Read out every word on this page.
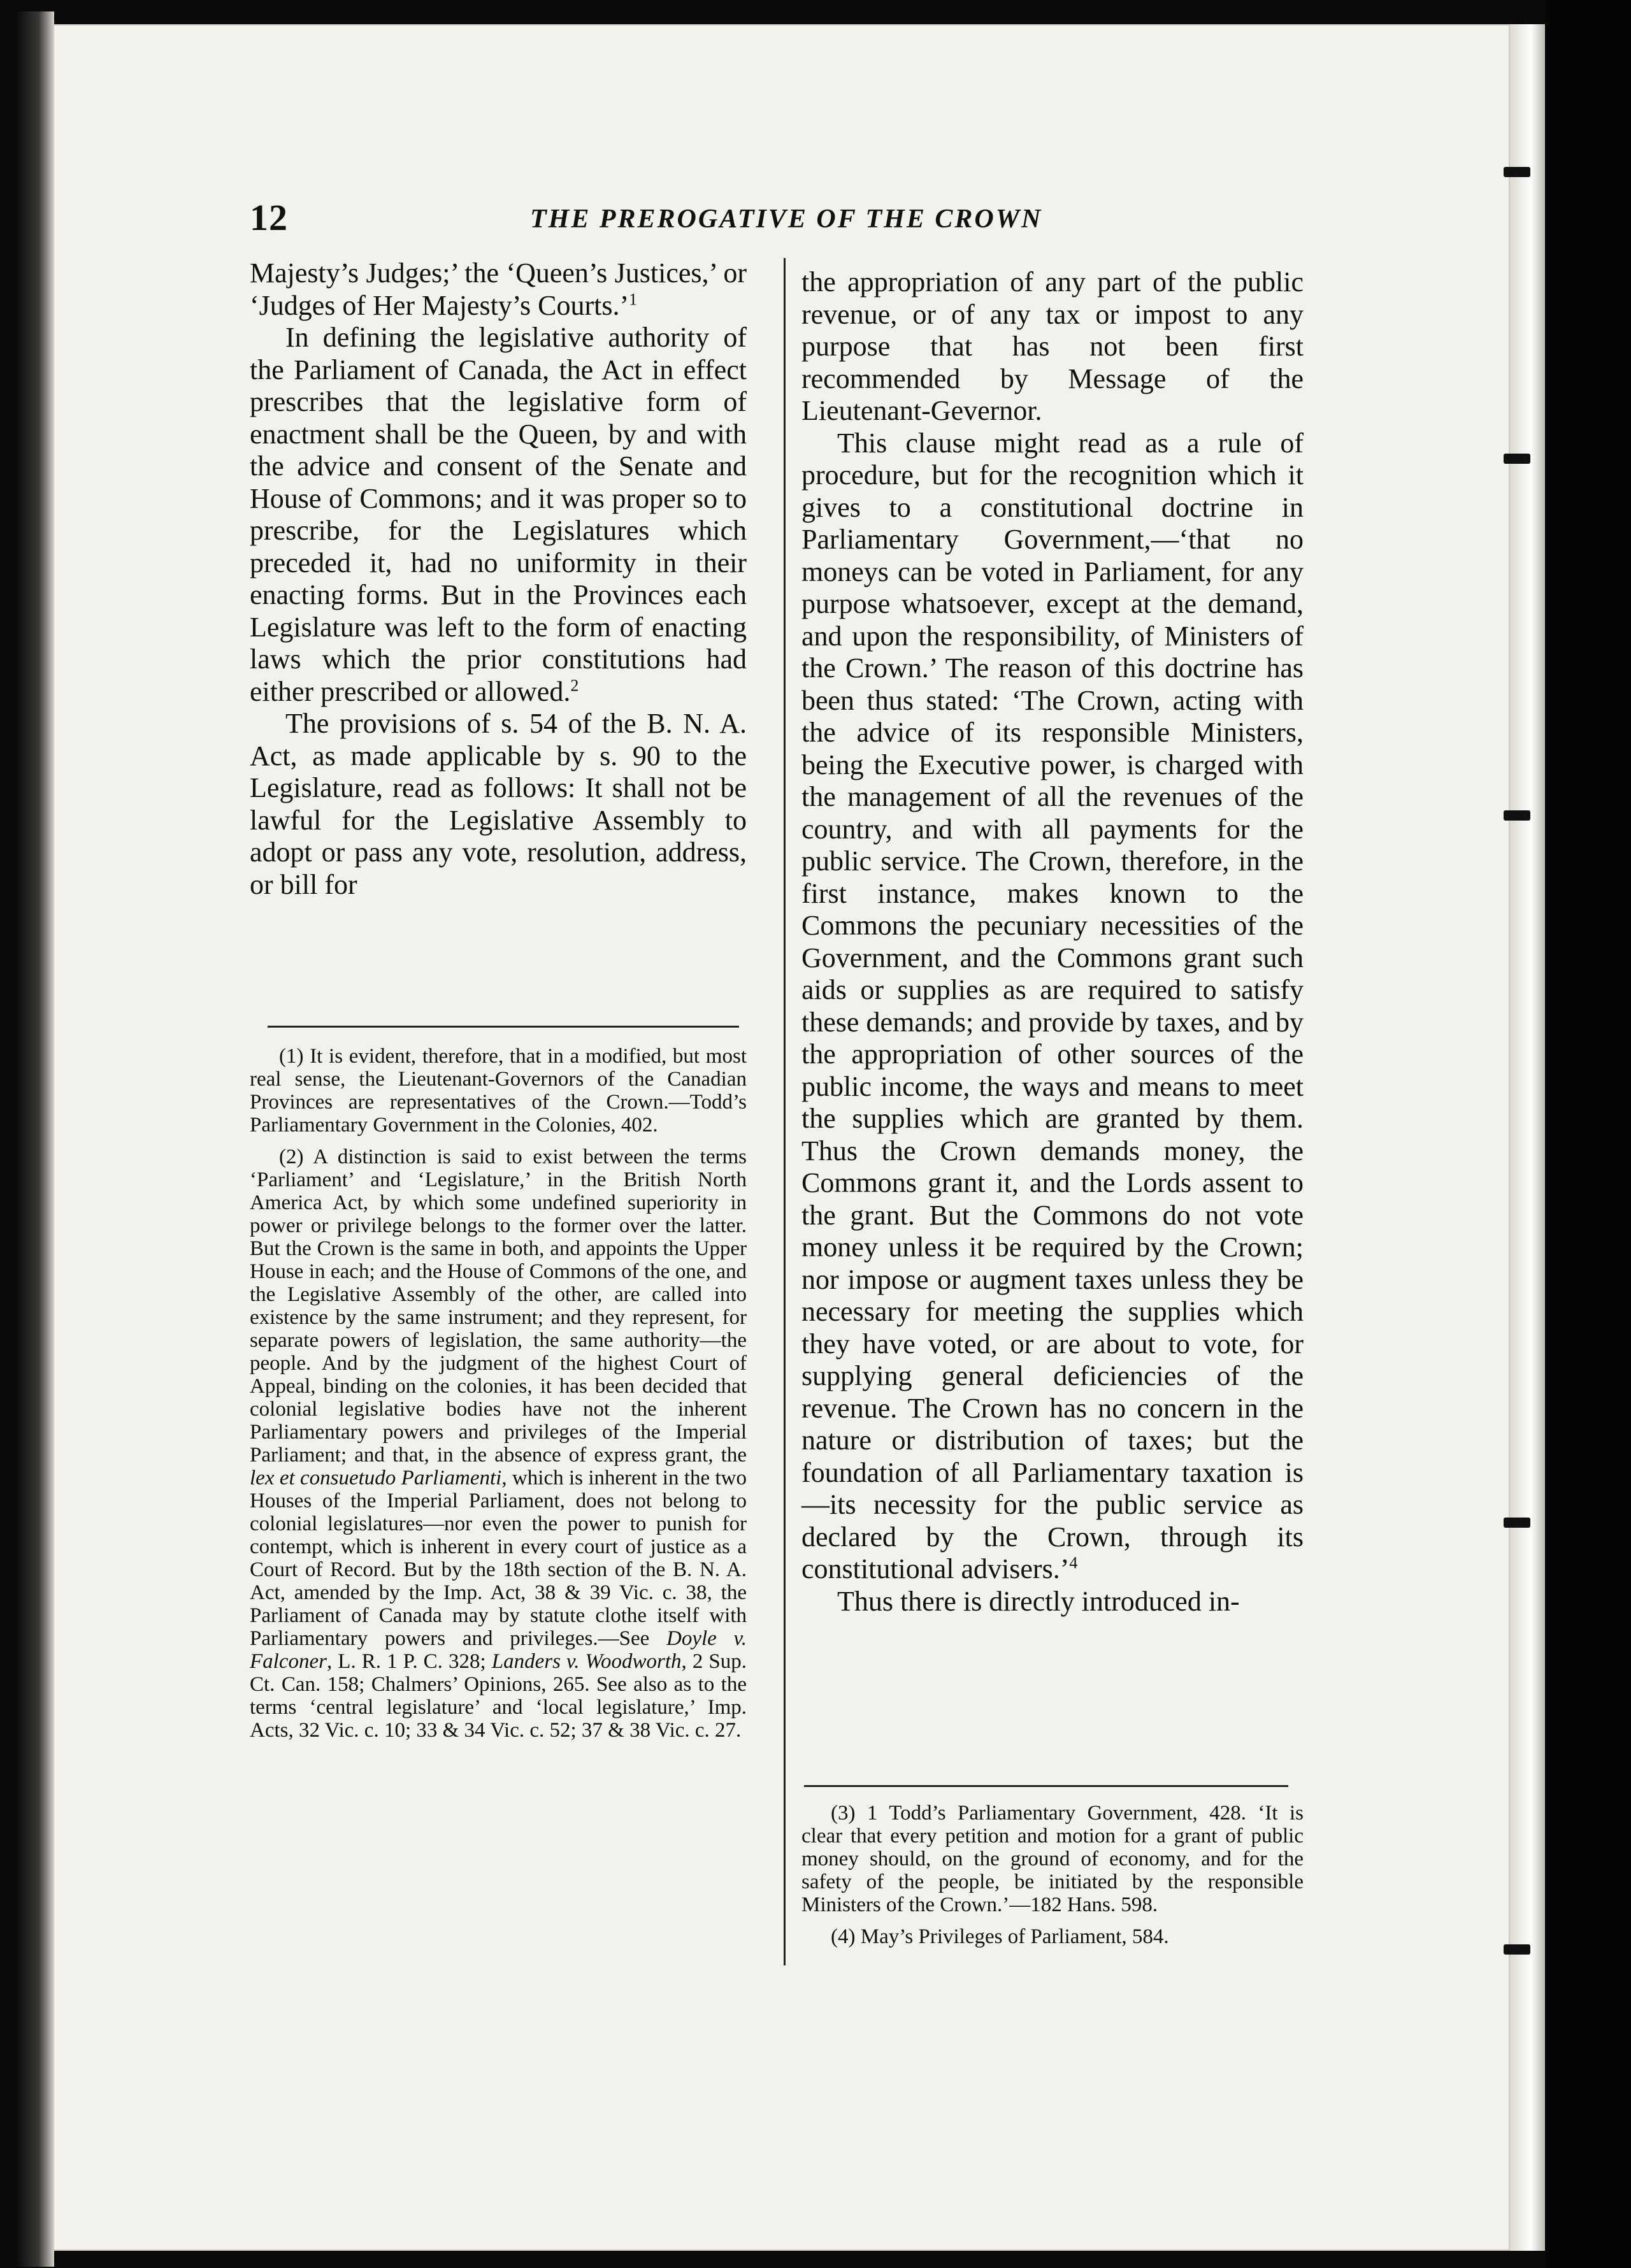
12	THE PREROGATIVE OF THE CROWN

Majesty’s Judges;’ the ‘Queen’s Justices,’ or ‘Judges of Her Majesty’s Courts.’$^1$

In defining the legislative authority of the Parliament of Canada, the Act in effect prescribes that the legislative form of enactment shall be the Queen, by and with the advice and consent of the Senate and House of Commons; and it was proper so to prescribe, for the Legislatures which preceded it, had no uniformity in their enacting forms. But in the Provinces each Legislature was left to the form of enacting laws which the prior constitutions had either prescribed or allowed.$^2$

The provisions of s. 54 of the B. N. A. Act, as made applicable by s. 90 to the Legislature, read as follows: It shall not be lawful for the Legislative Assembly to adopt or pass any vote, resolution, address, or bill for

(1) It is evident, therefore, that in a modified, but most real sense, the Lieutenant-Governors of the Canadian Provinces are representatives of the Crown.—Todd’s Parliamentary Government in the Colonies, 402.

(2) A distinction is said to exist between the terms ‘Parliament’ and ‘Legislature,’ in the British North America Act, by which some undefined superiority in power or privilege belongs to the former over the latter. But the Crown is the same in both, and appoints the Upper House in each; and the House of Commons of the one, and the Legislative Assembly of the other, are called into existence by the same instrument; and they represent, for separate powers of legislation, the same authority—the people. And by the judgment of the highest Court of Appeal, binding on the colonies, it has been decided that colonial legislative bodies have not the inherent Parliamentary powers and privileges of the Imperial Parliament; and that, in the absence of express grant, the lex et consuetudo Parliamenti, which is inherent in the two Houses of the Imperial Parliament, does not belong to colonial legislatures—nor even the power to punish for contempt, which is inherent in every court of justice as a Court of Record. But by the 18th section of the B. N. A. Act, amended by the Imp. Act, 38 & 39 Vic. c. 38, the Parliament of Canada may by statute clothe itself with Parliamentary powers and privileges.—See Doyle v. Falconer, L. R. 1 P. C. 328; Landers v. Woodworth, 2 Sup. Ct. Can. 158; Chalmers’ Opinions, 265. See also as to the terms ‘central legislature’ and ‘local legislature,’ Imp. Acts, 32 Vic. c. 10; 33 & 34 Vic. c. 52; 37 & 38 Vic. c. 27.

the appropriation of any part of the public revenue, or of any tax or impost to any purpose that has not been first recommended by Message of the Lieutenant-Gevernor.

This clause might read as a rule of procedure, but for the recognition which it gives to a constitutional doctrine in Parliamentary Government,—‘that no moneys can be voted in Parliament, for any purpose whatsoever, except at the demand, and upon the responsibility, of Ministers of the Crown.’ The reason of this doctrine has been thus stated: ‘The Crown, acting with the advice of its responsible Ministers, being the Executive power, is charged with the management of all the revenues of the country, and with all payments for the public service. The Crown, therefore, in the first instance, makes known to the Commons the pecuniary necessities of the Government, and the Commons grant such aids or supplies as are required to satisfy these demands; and provide by taxes, and by the appropriation of other sources of the public income, the ways and means to meet the supplies which are granted by them. Thus the Crown demands money, the Commons grant it, and the Lords assent to the grant. But the Commons do not vote money unless it be required by the Crown; nor impose or augment taxes unless they be necessary for meeting the supplies which they have voted, or are about to vote, for supplying general deficiencies of the revenue. The Crown has no concern in the nature or distribution of taxes; but the foundation of all Parliamentary taxation is—its necessity for the public service as declared by the Crown, through its constitutional advisers.’$^4$

Thus there is directly introduced in-

(3) 1 Todd’s Parliamentary Government, 428. ‘It is clear that every petition and motion for a grant of public money should, on the ground of economy, and for the safety of the people, be initiated by the responsible Ministers of the Crown.’—182 Hans. 598.

(4) May’s Privileges of Parliament, 584.
